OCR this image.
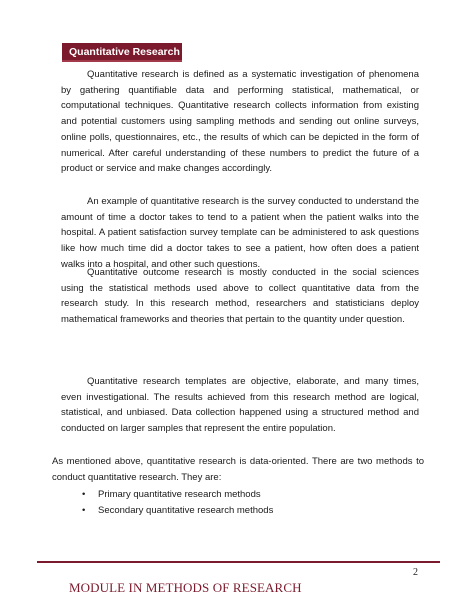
Quantitative Research

Quantitative research is defined as a systematic investigation of phenomena by gathering quantifiable data and performing statistical, mathematical, or computational techniques. Quantitative research collects information from existing and potential customers using sampling methods and sending out online surveys, online polls, questionnaires, etc., the results of which can be depicted in the form of numerical. After careful understanding of these numbers to predict the future of a product or service and make changes accordingly.

An example of quantitative research is the survey conducted to understand the amount of time a doctor takes to tend to a patient when the patient walks into the hospital. A patient satisfaction survey template can be administered to ask questions like how much time did a doctor takes to see a patient, how often does a patient walks into a hospital, and other such questions.

Quantitative outcome research is mostly conducted in the social sciences using the statistical methods used above to collect quantitative data from the research study. In this research method, researchers and statisticians deploy mathematical frameworks and theories that pertain to the quantity under question.

Quantitative research templates are objective, elaborate, and many times, even investigational. The results achieved from this research method are logical, statistical, and unbiased. Data collection happened using a structured method and conducted on larger samples that represent the entire population.

As mentioned above, quantitative research is data-oriented. There are two methods to conduct quantitative research. They are:

• Primary quantitative research methods
• Secondary quantitative research methods
2
MODULE IN METHODS OF RESEARCH
